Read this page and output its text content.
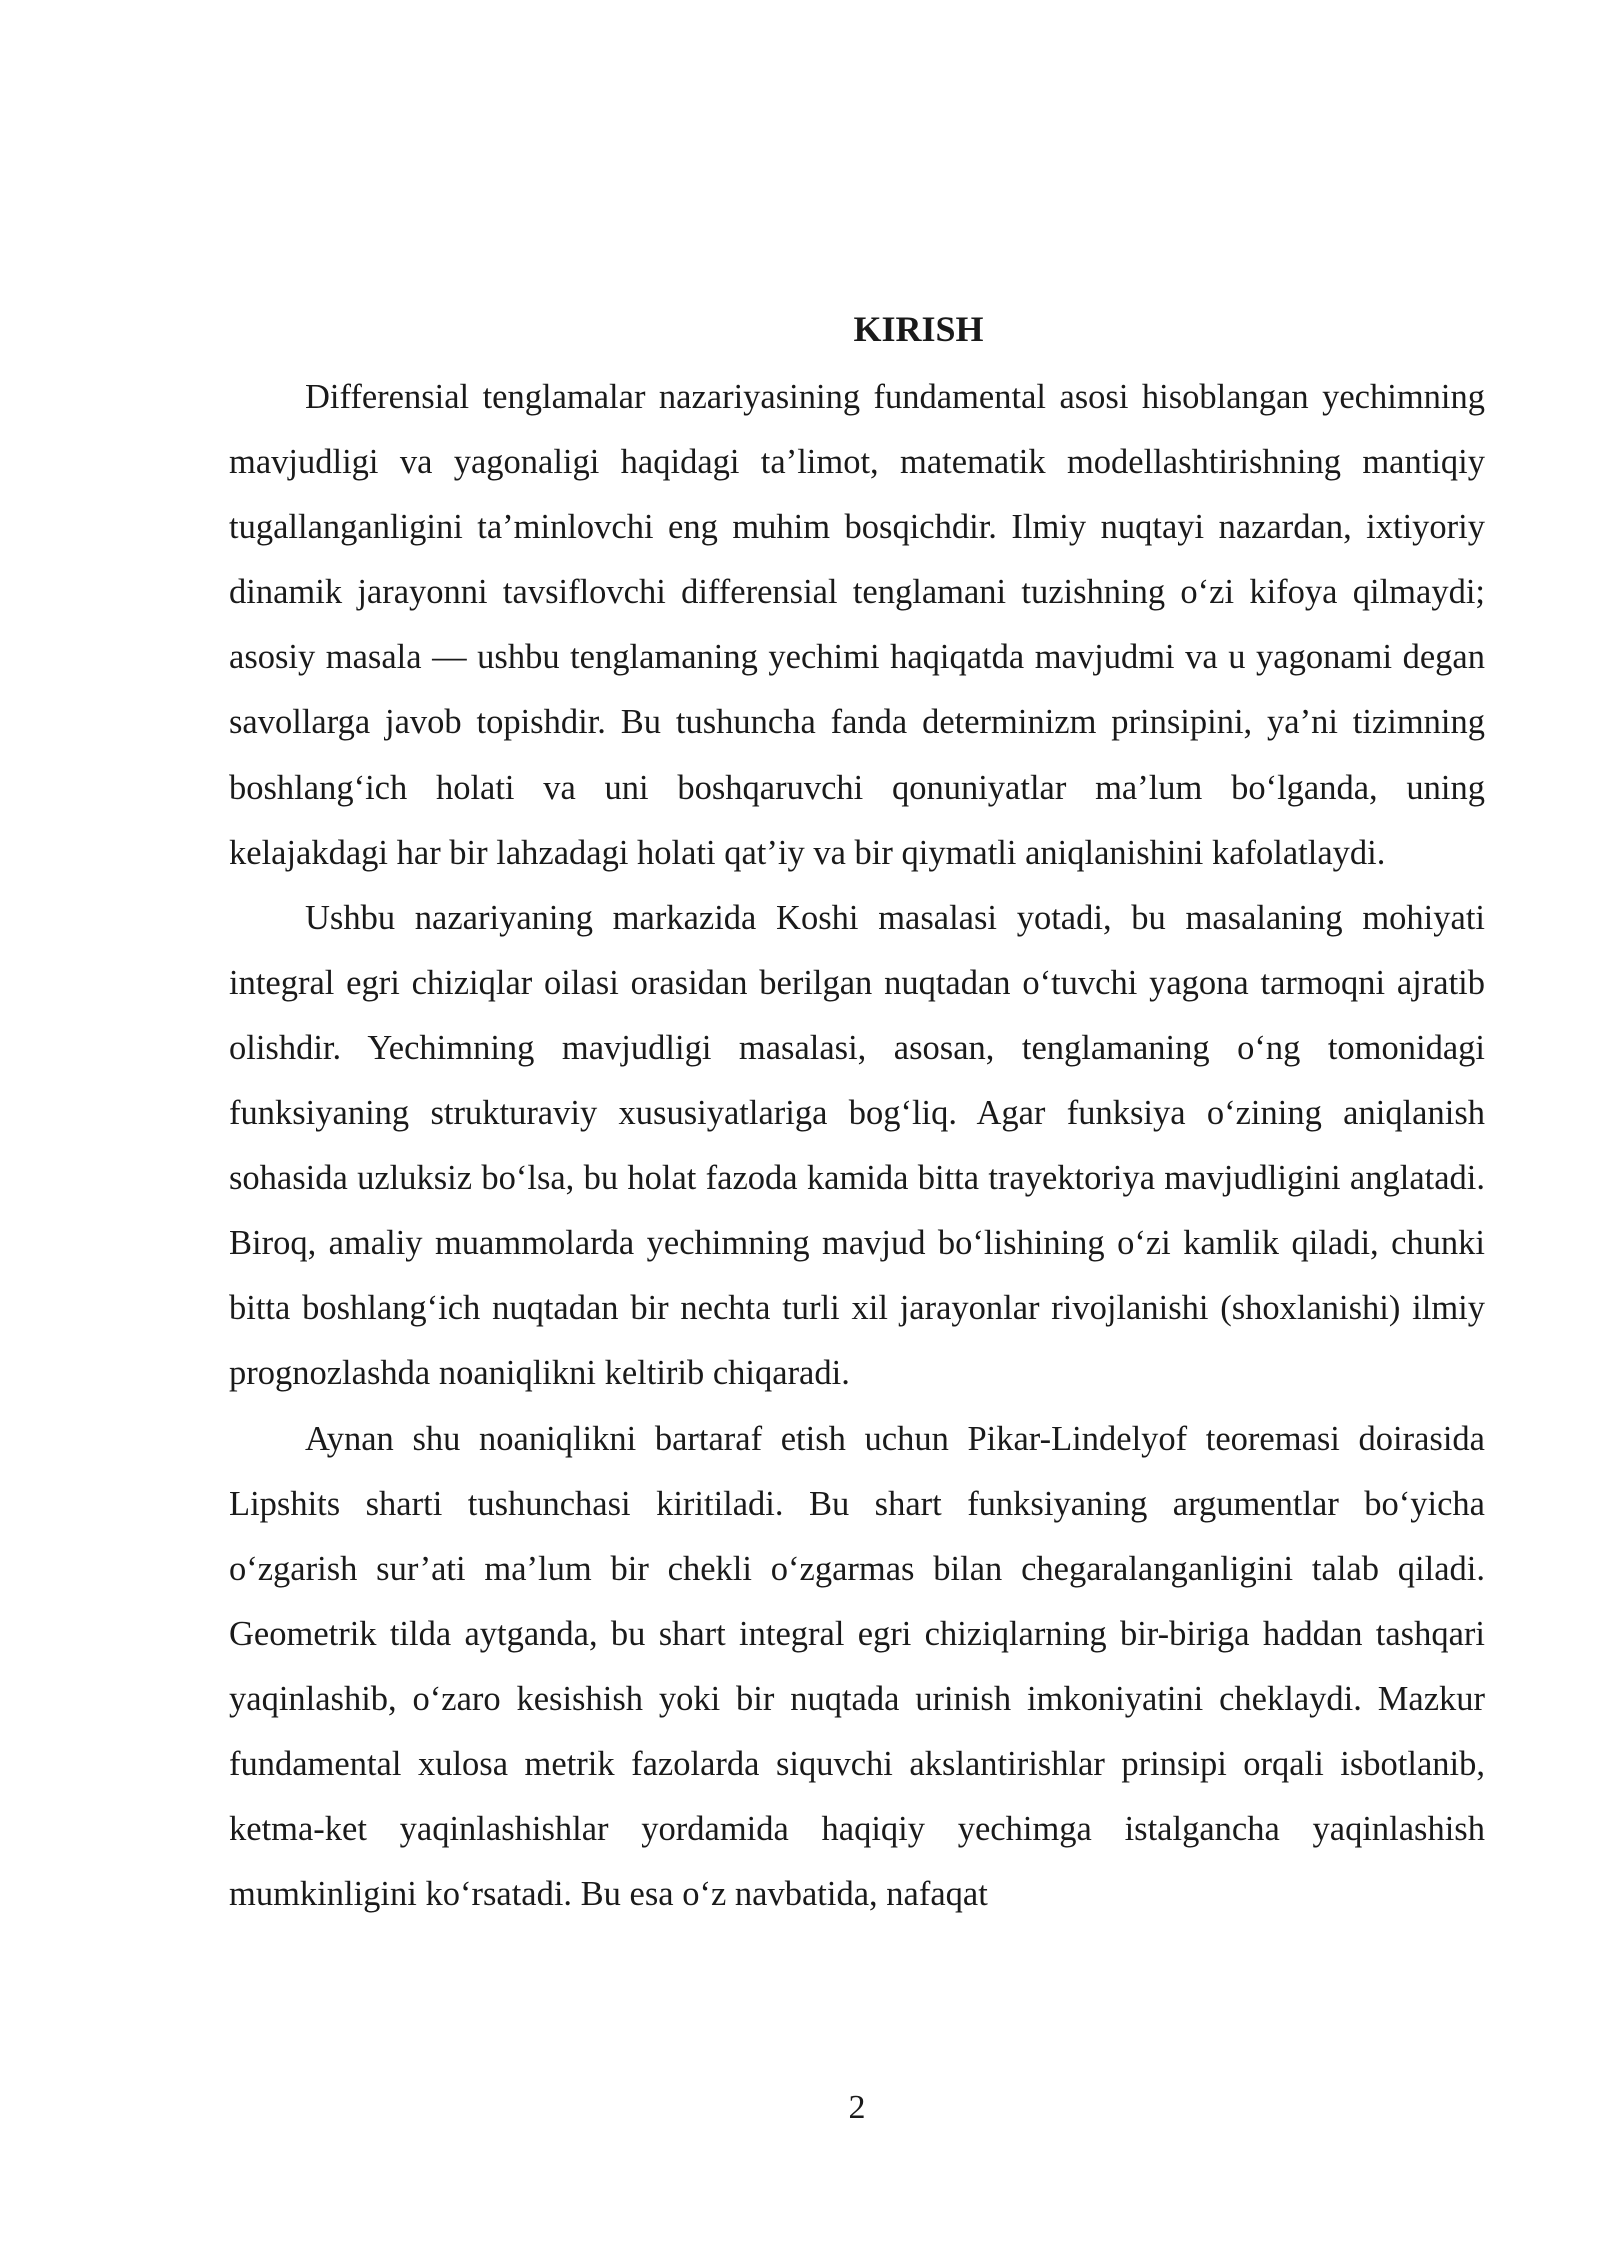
KIRISH

Differensial tenglamalar nazariyasining fundamental asosi hisoblangan yechimning mavjudligi va yagonaligi haqidagi ta’limot, matematik modellashtirishning mantiqiy tugallanganligini ta’minlovchi eng muhim bosqichdir. Ilmiy nuqtayi nazardan, ixtiyoriy dinamik jarayonni tavsiflovchi differensial tenglamani tuzishning o‘zi kifoya qilmaydi; asosiy masala — ushbu tenglamaning yechimi haqiqatda mavjudmi va u yagonami degan savollarga javob topishdir. Bu tushuncha fanda determinizm prinsipini, ya’ni tizimning boshlang‘ich holati va uni boshqaruvchi qonuniyatlar ma’lum bo‘lganda, uning kelajakdagi har bir lahzadagi holati qat’iy va bir qiymatli aniqlanishini kafolatlaydi.

Ushbu nazariyaning markazida Koshi masalasi yotadi, bu masalaning mohiyati integral egri chiziqlar oilasi orasidan berilgan nuqtadan o‘tuvchi yagona tarmoqni ajratib olishdir. Yechimning mavjudligi masalasi, asosan, tenglamaning o‘ng tomonidagi funksiyaning strukturaviy xususiyatlariga bog‘liq. Agar funksiya o‘zining aniqlanish sohasida uzluksiz bo‘lsa, bu holat fazoda kamida bitta trayektoriya mavjudligini anglatadi. Biroq, amaliy muammolarda yechimning mavjud bo‘lishining o‘zi kamlik qiladi, chunki bitta boshlang‘ich nuqtadan bir nechta turli xil jarayonlar rivojlanishi (shoxlanishi) ilmiy prognozlashda noaniqlikni keltirib chiqaradi.

Aynan shu noaniqlikni bartaraf etish uchun Pikar-Lindelyof teoremasi doirasida Lipshits sharti tushunchasi kiritiladi. Bu shart funksiyaning argumentlar bo‘yicha o‘zgarish sur’ati ma’lum bir chekli o‘zgarmas bilan chegaralanganligini talab qiladi. Geometrik tilda aytganda, bu shart integral egri chiziqlarning bir-biriga haddan tashqari yaqinlashib, o‘zaro kesishish yoki bir nuqtada urinish imkoniyatini cheklaydi. Mazkur fundamental xulosa metrik fazolarda siquvchi akslantirishlar prinsipi orqali isbotlanib, ketma-ket yaqinlashishlar yordamida haqiqiy yechimga istalgancha yaqinlashish mumkinligini ko‘rsatadi. Bu esa o‘z navbatida, nafaqat

2
